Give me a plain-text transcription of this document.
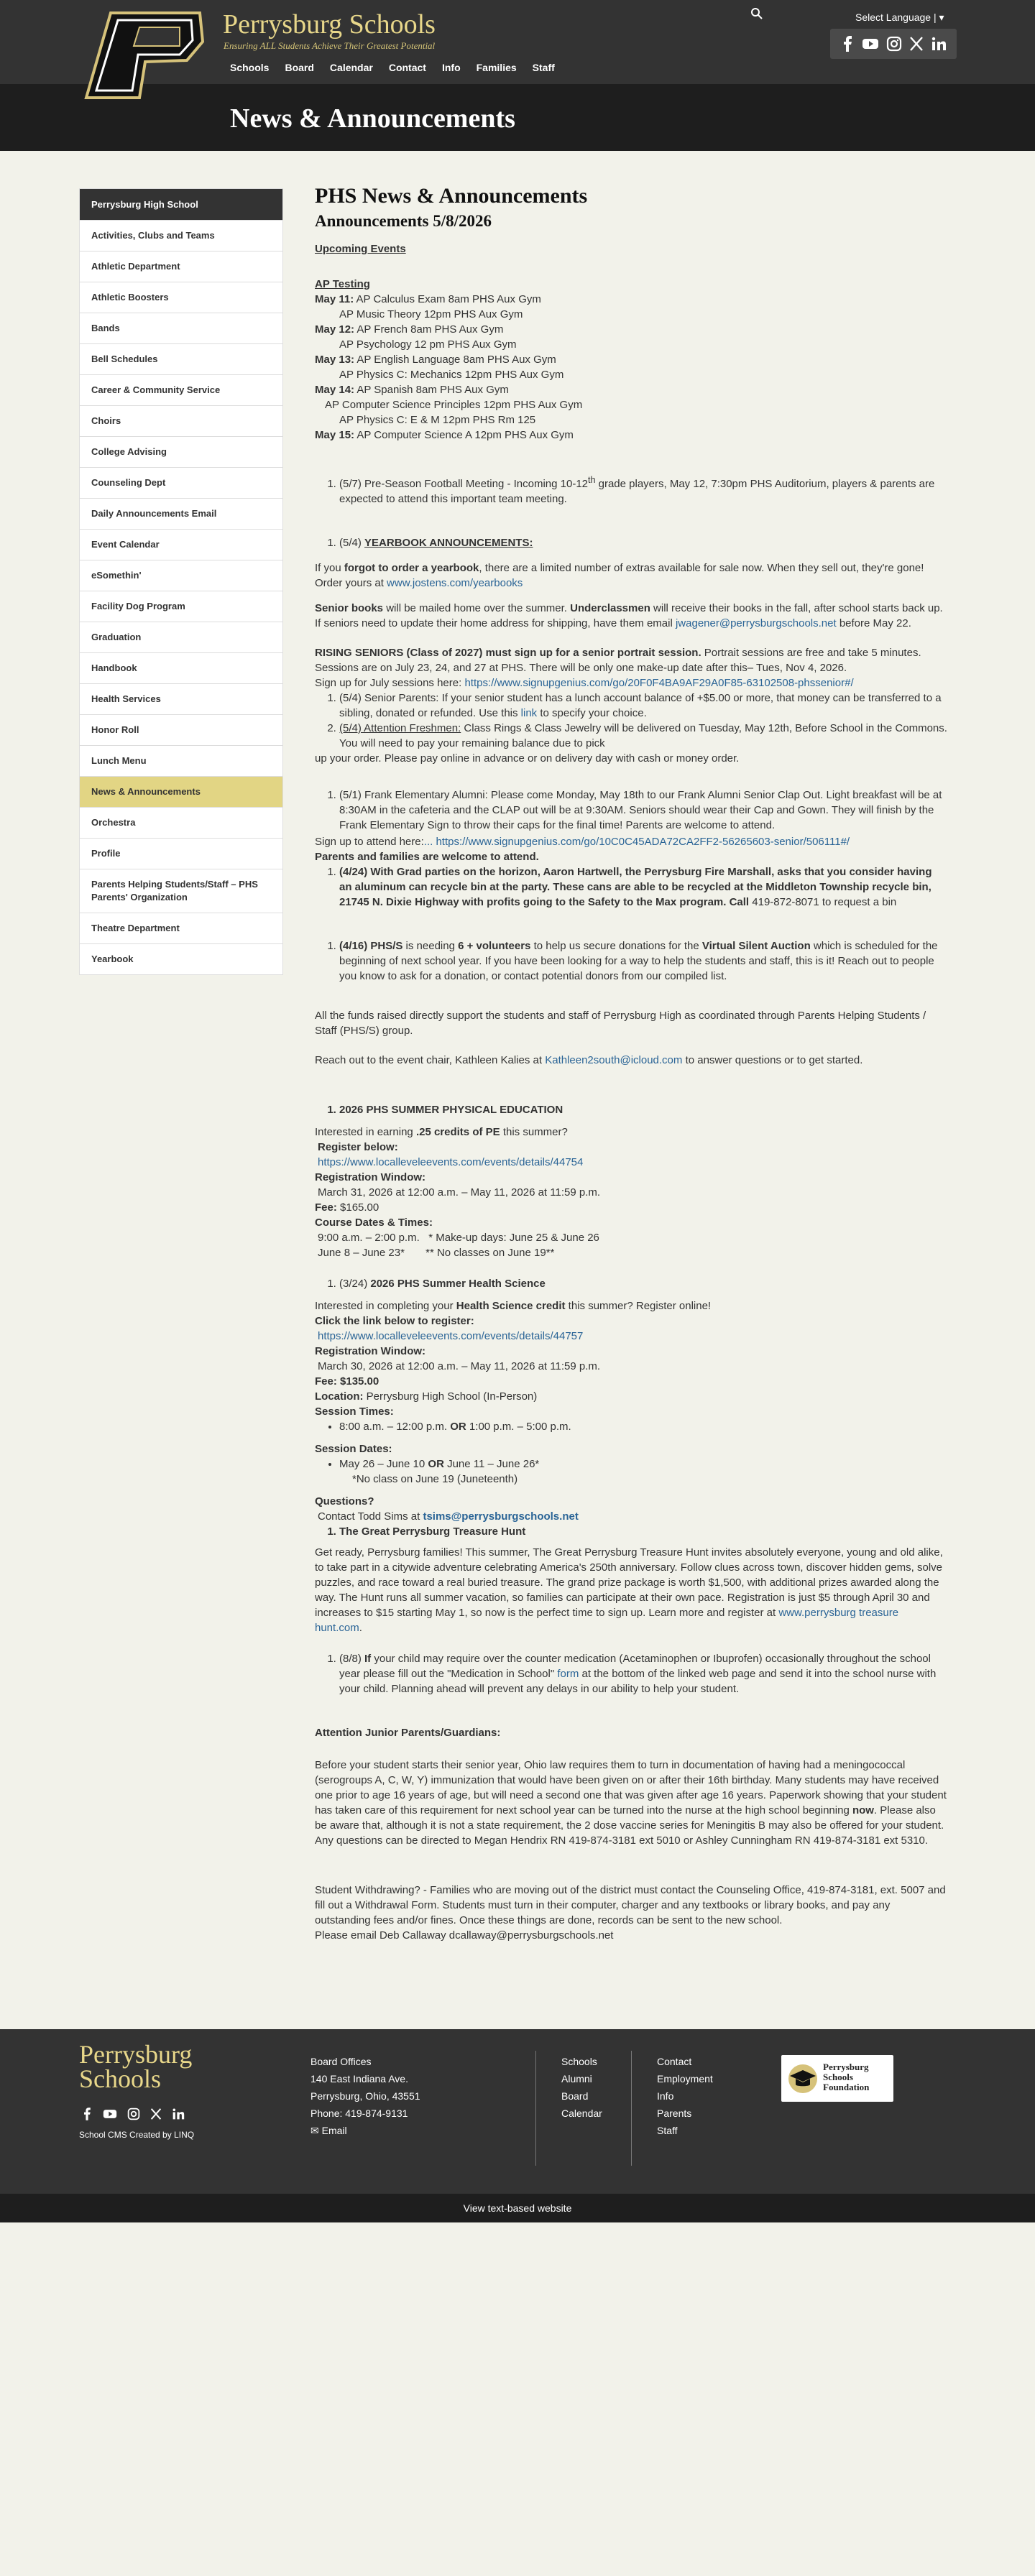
Perrysburg Schools
Ensuring ALL Students Achieve Their Greatest Potential
Schools Board Calendar Contact Info Families Staff
Select Language | ▾
News & Announcements
Perrysburg High School
Activities, Clubs and Teams
Athletic Department
Athletic Boosters
Bands
Bell Schedules
Career & Community Service
Choirs
College Advising
Counseling Dept
Daily Announcements Email
Event Calendar
eSomethin'
Facility Dog Program
Graduation
Handbook
Health Services
Honor Roll
Lunch Menu
News & Announcements
Orchestra
Profile
Parents Helping Students/Staff – PHS Parents' Organization
Theatre Department
Yearbook
PHS News & Announcements
Announcements 5/8/2026

Upcoming Events

AP Testing
May 11: AP Calculus Exam 8am PHS Aux Gym
AP Music Theory 12pm PHS Aux Gym
May 12: AP French 8am PHS Aux Gym
AP Psychology 12 pm PHS Aux Gym
May 13: AP English Language 8am PHS Aux Gym
AP Physics C: Mechanics 12pm PHS Aux Gym
May 14: AP Spanish 8am PHS Aux Gym
AP Computer Science Principles 12pm PHS Aux Gym
AP Physics C: E & M 12pm PHS Rm 125
May 15: AP Computer Science A 12pm PHS Aux Gym
1. (5/7) Pre-Season Football Meeting - Incoming 10-12th grade players, May 12, 7:30pm PHS Auditorium, players & parents are expected to attend this important team meeting.
1. (5/4) YEARBOOK ANNOUNCEMENTS:

If you forgot to order a yearbook, there are a limited number of extras available for sale now. When they sell out, they're gone! Order yours at www.jostens.com/yearbooks

Senior books will be mailed home over the summer. Underclassmen will receive their books in the fall, after school starts back up. If seniors need to update their home address for shipping, have them email jwagener@perrysburgschools.net before May 22.

RISING SENIORS (Class of 2027) must sign up for a senior portrait session. Portrait sessions are free and take 5 minutes. Sessions are on July 23, 24, and 27 at PHS. There will be only one make-up date after this– Tues, Nov 4, 2026.
Sign up for July sessions here: https://www.signupgenius.com/go/20F0F4BA9AF29A0F85-63102508-phssenior#/
1. (5/4) Senior Parents: If your senior student has a lunch account balance of +$5.00 or more, that money can be transferred to a sibling, donated or refunded. Use this link to specify your choice.
2. (5/4) Attention Freshmen: Class Rings & Class Jewelry will be delivered on Tuesday, May 12th, Before School in the Commons. You will need to pay your remaining balance due to pick

up your order. Please pay online in advance or on delivery day with cash or money order.

1. (5/1) Frank Elementary Alumni: Please come Monday, May 18th to our Frank Alumni Senior Clap Out. Light breakfast will be at 8:30AM in the cafeteria and the CLAP out will be at 9:30AM. Seniors should wear their Cap and Gown. They will finish by the Frank Elementary Sign to throw their caps for the final time! Parents are welcome to attend.
Sign up to attend here:... https://www.signupgenius.com/go/10C0C45ADA72CA2FF2-56265603-senior/506111#/
Parents and families are welcome to attend.
1. (4/24) With Grad parties on the horizon, Aaron Hartwell, the Perrysburg Fire Marshall, asks that you consider having an aluminum can recycle bin at the party. These cans are able to be recycled at the Middleton Township recycle bin, 21745 N. Dixie Highway with profits going to the Safety to the Max program. Call 419-872-8071 to request a bin
1. (4/16) PHS/S is needing 6 + volunteers to help us secure donations for the Virtual Silent Auction which is scheduled for the beginning of next school year. If you have been looking for a way to help the students and staff, this is it! Reach out to people you know to ask for a donation, or contact potential donors from our compiled list.

All the funds raised directly support the students and staff of Perrysburg High as coordinated through Parents Helping Students / Staff (PHS/S) group.

Reach out to the event chair, Kathleen Kalies at Kathleen2south@icloud.com to answer questions or to get started.

1. 2026 PHS SUMMER PHYSICAL EDUCATION
Interested in earning .25 credits of PE this summer?
Register below:
https://www.localleveleevents.com/events/details/44754
Registration Window:
March 31, 2026 at 12:00 a.m. – May 11, 2026 at 11:59 p.m.
Fee: $165.00
Course Dates & Times:
9:00 a.m. – 2:00 p.m.   * Make-up days: June 25 & June 26
June 8 – June 23*       ** No classes on June 19**
1. (3/24) 2026 PHS Summer Health Science
Interested in completing your Health Science credit this summer? Register online!
Click the link below to register:
https://www.localleveleevents.com/events/details/44757
Registration Window:
March 30, 2026 at 12:00 a.m. – May 11, 2026 at 11:59 p.m.
Fee: $135.00
Location: Perrysburg High School (In-Person)
Session Times:
• 8:00 a.m. – 12:00 p.m. OR 1:00 p.m. – 5:00 p.m.
Session Dates:
• May 26 – June 10 OR June 11 – June 26*
*No class on June 19 (Juneteenth)
Questions?
Contact Todd Sims at tsims@perrysburgschools.net
1. The Great Perrysburg Treasure Hunt

Get ready, Perrysburg families! This summer, The Great Perrysburg Treasure Hunt invites absolutely everyone, young and old alike, to take part in a citywide adventure celebrating America's 250th anniversary. Follow clues across town, discover hidden gems, solve puzzles, and race toward a real buried treasure. The grand prize package is worth $1,500, with additional prizes awarded along the way. The Hunt runs all summer vacation, so families can participate at their own pace. Registration is just $5 through April 30 and increases to $15 starting May 1, so now is the perfect time to sign up. Learn more and register at www.perrysburg treasure hunt.com.

1. (8/8) If your child may require over the counter medication (Acetaminophen or Ibuprofen) occasionally throughout the school year please fill out the "Medication in School" form at the bottom of the linked web page and send it into the school nurse with your child. Planning ahead will prevent any delays in our ability to help your student.

Attention Junior Parents/Guardians:

Before your student starts their senior year, Ohio law requires them to turn in documentation of having had a meningococcal (serogroups A, C, W, Y) immunization that would have been given on or after their 16th birthday. Many students may have received one prior to age 16 years of age, but will need a second one that was given after age 16 years. Paperwork showing that your student has taken care of this requirement for next school year can be turned into the nurse at the high school beginning now. Please also be aware that, although it is not a state requirement, the 2 dose vaccine series for Meningitis B may also be offered for your student. Any questions can be directed to Megan Hendrix RN 419-874-3181 ext 5010 or Ashley Cunningham RN 419-874-3181 ext 5310.

Student Withdrawing? - Families who are moving out of the district must contact the Counseling Office, 419-874-3181, ext. 5007 and fill out a Withdrawal Form. Students must turn in their computer, charger and any textbooks or library books, and pay any outstanding fees and/or fines. Once these things are done, records can be sent to the new school.
Please email Deb Callaway dcallaway@perrysburgschools.net
Perrysburg
Schools
School CMS Created by LINQ
Board Offices
140 East Indiana Ave.
Perrysburg, Ohio, 43551
Phone: 419-874-9131
✉ Email
Schools
Alumni
Board
Calendar
Contact
Employment
Info
Parents
Staff
Perrysburg
Schools
Foundation
View text-based website
